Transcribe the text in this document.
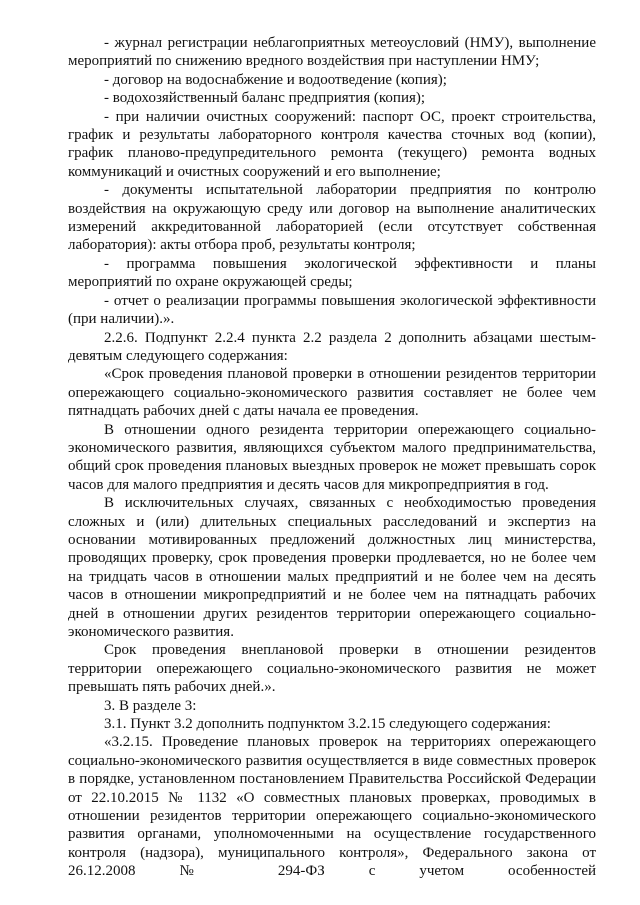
- журнал регистрации неблагоприятных метеоусловий (НМУ), выполнение мероприятий по снижению вредного воздействия при наступлении НМУ;

- договор на водоснабжение и водоотведение (копия);

- водохозяйственный баланс предприятия (копия);

- при наличии очистных сооружений: паспорт ОС, проект строительства, график и результаты лабораторного контроля качества сточных вод (копии), график планово-предупредительного ремонта (текущего) ремонта водных коммуникаций и очистных сооружений и его выполнение;

- документы испытательной лаборатории предприятия по контролю воздействия на окружающую среду или договор на выполнение аналитических измерений аккредитованной лабораторией (если отсутствует собственная лаборатория): акты отбора проб, результаты контроля;

- программа повышения экологической эффективности и планы мероприятий по охране окружающей среды;

- отчет о реализации программы повышения экологической эффективности (при наличии).».

2.2.6. Подпункт 2.2.4 пункта 2.2 раздела 2 дополнить абзацами шестым-девятым следующего содержания:

«Срок проведения плановой проверки в отношении резидентов территории опережающего социально-экономического развития составляет не более чем пятнадцать рабочих дней с даты начала ее проведения.

В отношении одного резидента территории опережающего социально-экономического развития, являющихся субъектом малого предпринимательства, общий срок проведения плановых выездных проверок не может превышать сорок часов для малого предприятия и десять часов для микропредприятия в год.

В исключительных случаях, связанных с необходимостью проведения сложных и (или) длительных специальных расследований и экспертиз на основании мотивированных предложений должностных лиц министерства, проводящих проверку, срок проведения проверки продлевается, но не более чем на тридцать часов в отношении малых предприятий и не более чем на десять часов в отношении микропредприятий и не более чем на пятнадцать рабочих дней в отношении других резидентов территории опережающего социально-экономического развития.

Срок проведения внеплановой проверки в отношении резидентов территории опережающего социально-экономического развития не может превышать пять рабочих дней.».

3. В разделе 3:

3.1. Пункт 3.2 дополнить подпунктом 3.2.15 следующего содержания:

«3.2.15. Проведение плановых проверок на территориях опережающего социально-экономического развития осуществляется в виде совместных проверок в порядке, установленном постановлением Правительства Российской Федерации от 22.10.2015 № 1132 «О совместных плановых проверках, проводимых в отношении резидентов территории опережающего социально-экономического развития органами, уполномоченными на осуществление государственного контроля (надзора), муниципального контроля», Федерального закона от 26.12.2008 № 294-ФЗ с учетом особенностей
